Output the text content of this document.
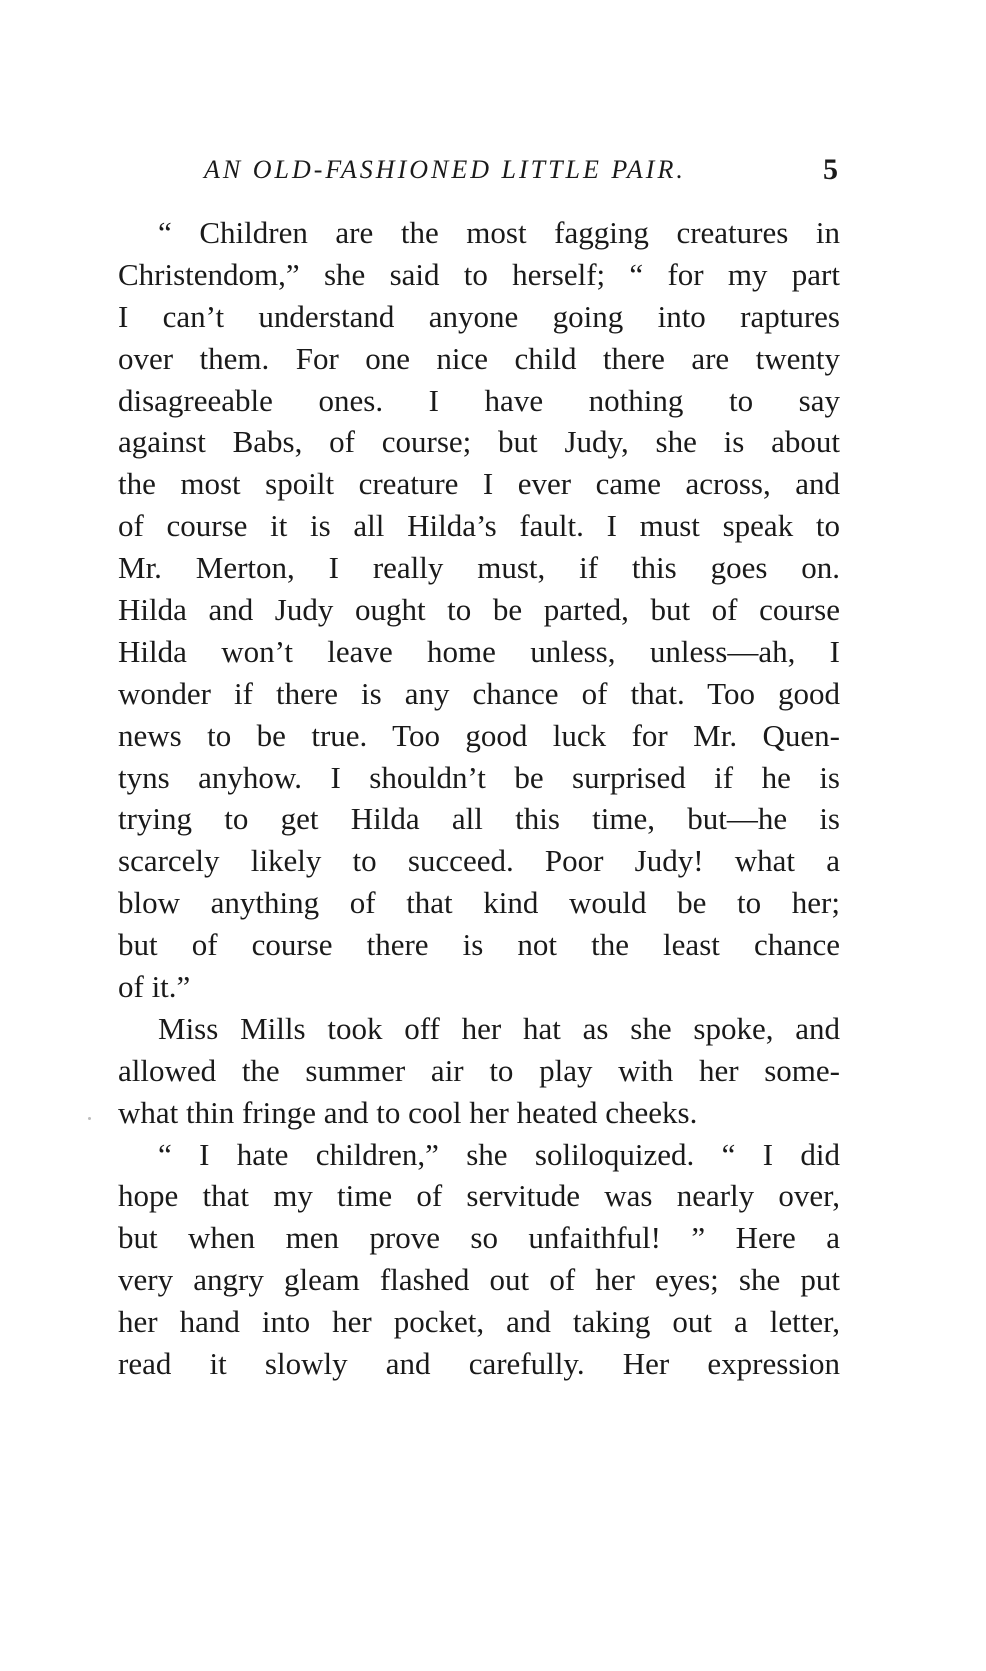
AN OLD-FASHIONED LITTLE PAIR.	5
“ Children are the most fagging creatures in
Christendom,” she said to herself; “ for my part
I can’t understand anyone going into raptures
over them. For one nice child there are twenty
disagreeable ones. I have nothing to say
against Babs, of course; but Judy, she is about
the most spoilt creature I ever came across, and
of course it is all Hilda’s fault. I must speak to
Mr. Merton, I really must, if this goes on.
Hilda and Judy ought to be parted, but of course
Hilda won’t leave home unless, unless—ah, I
wonder if there is any chance of that. Too good
news to be true. Too good luck for Mr. Quen-
tyns anyhow. I shouldn’t be surprised if he is
trying to get Hilda all this time, but—he is
scarcely likely to succeed. Poor Judy! what a
blow anything of that kind would be to her;
but of course there is not the least chance
of it.”
Miss Mills took off her hat as she spoke, and
allowed the summer air to play with her some-
what thin fringe and to cool her heated cheeks.
“ I hate children,” she soliloquized. “ I did
hope that my time of servitude was nearly over,
but when men prove so unfaithful! ” Here a
very angry gleam flashed out of her eyes; she put
her hand into her pocket, and taking out a letter,
read it slowly and carefully. Her expression
